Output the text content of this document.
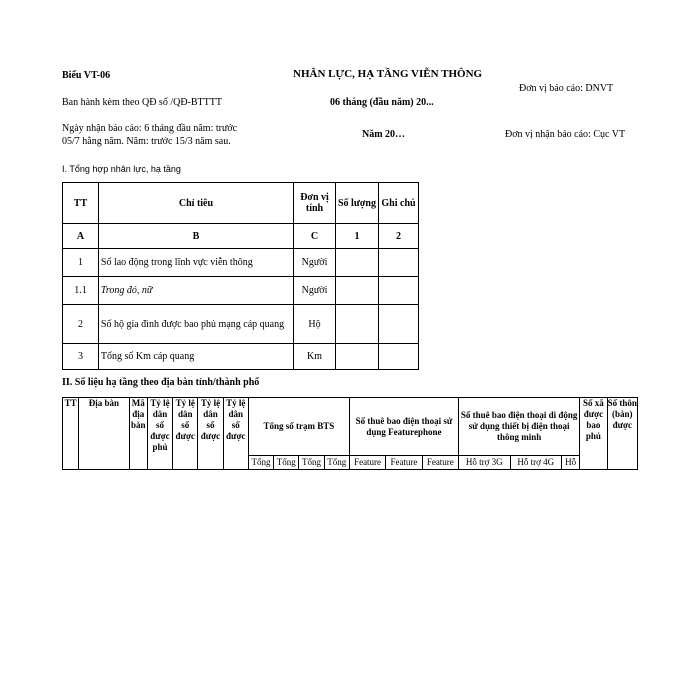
Biểu VT-06	NHÂN LỰC, HẠ TẦNG VIỄN THÔNG
Đơn vị báo cáo: DNVT
Ban hành kèm theo QĐ số /QĐ-BTTTT	06 tháng (đầu năm) 20...
Ngày nhận báo cáo: 6 tháng đầu năm: trước
05/7 hằng năm. Năm: trước 15/3 năm sau.
Năm 20…	Đơn vị nhận báo cáo: Cục VT
I. Tổng hợp nhân lực, hạ tầng
TT	Chỉ tiêu	Đơn vị tính	Số lượng	Ghi chú
A	B	C	1	2
1	Số lao động trong lĩnh vực viễn thông	Người		
1.1	Trong đó, nữ	Người		
2	Số hộ gia đình được bao phủ mạng cáp quang	Hộ		
3	Tổng số Km cáp quang	Km		
II. Số liệu hạ tầng theo địa bàn tỉnh/thành phố
TT	Địa bàn	Mã địa bàn	Tỷ lệ dân số được phủ	Tỷ lệ dân số được	Tỷ lệ dân số được	Tỷ lệ dân số được	Tổng số trạm BTS				Số thuê bao điện thoại sử dụng Featurephone			Số thuê bao điện thoại di động sử dụng thiết bị điện thoại thông minh			Số xã được bao phủ	Số thôn (bản) được
							Tổng	Tổng	Tổng	Tổng	Feature	Feature	Feature	Hỗ trợ 3G	Hỗ trợ 4G	Hỗ		
